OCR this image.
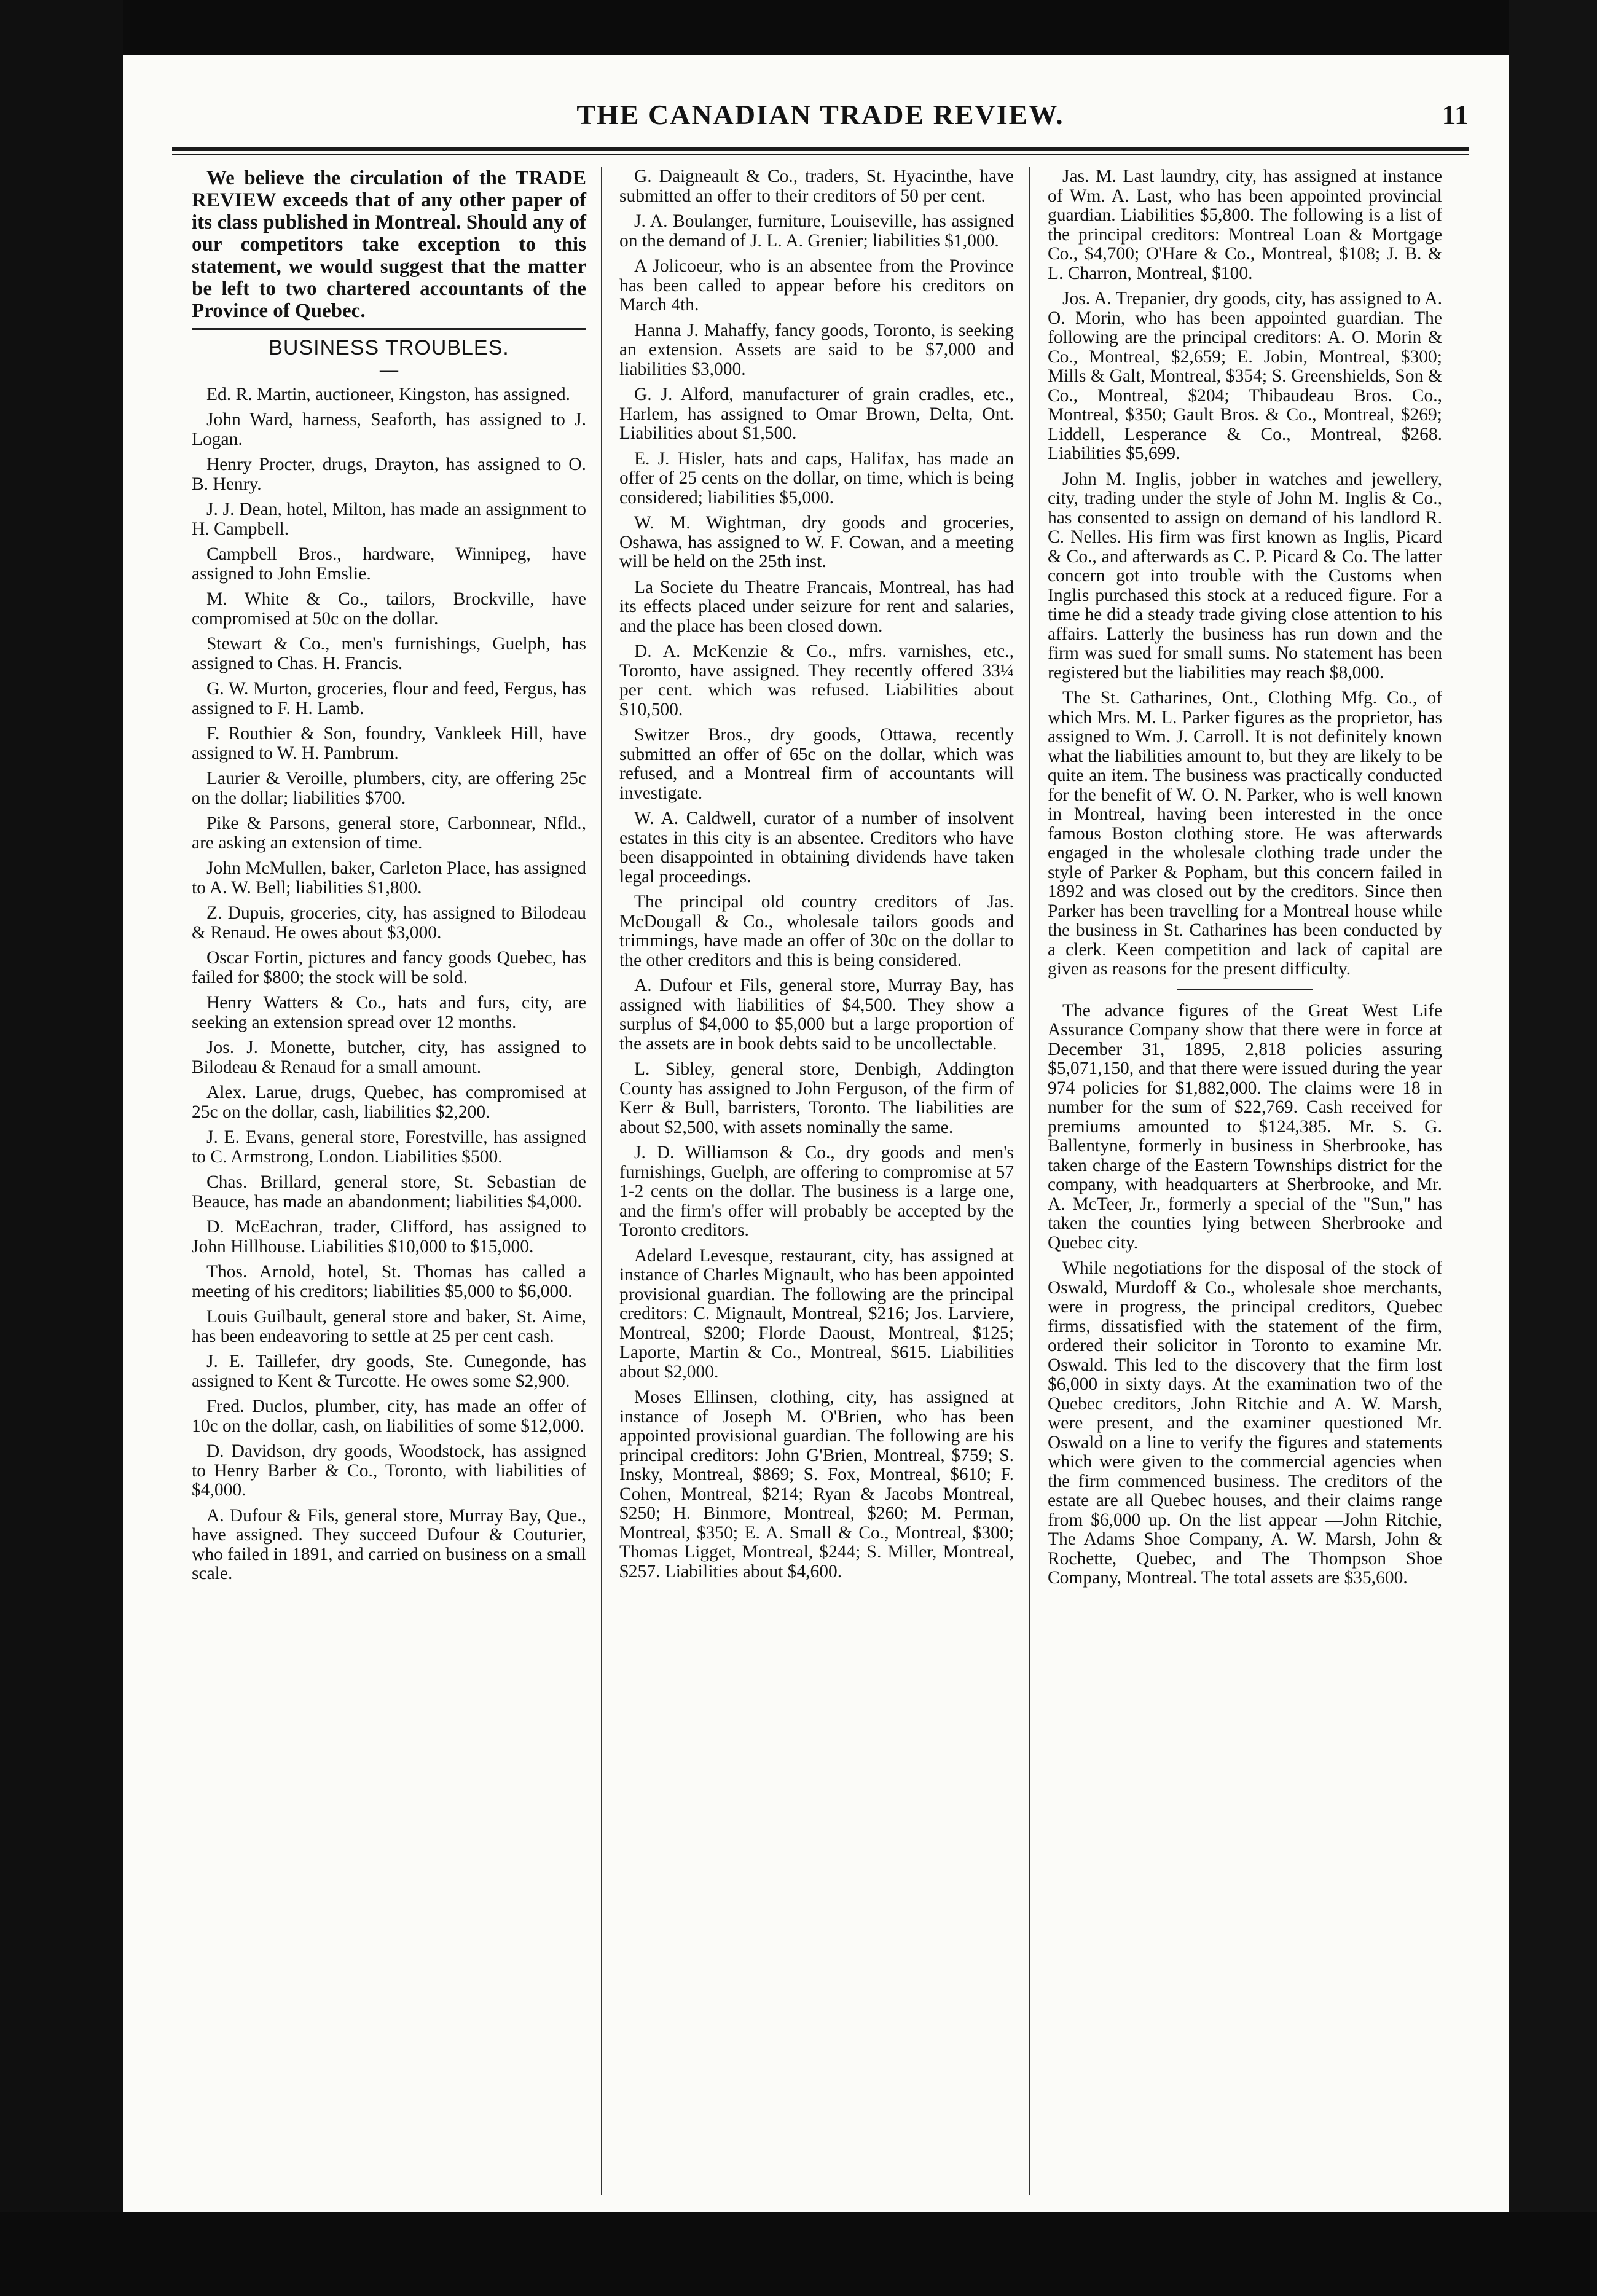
THE CANADIAN TRADE REVIEW.	11

We believe the circulation of the TRADE REVIEW exceeds that of any other paper of its class published in Montreal. Should any of our competitors take exception to this statement, we would suggest that the matter be left to two chartered accountants of the Province of Quebec.

BUSINESS TROUBLES.
—

Ed. R. Martin, auctioneer, Kingston, has assigned.

John Ward, harness, Seaforth, has assigned to J. Logan.

Henry Procter, drugs, Drayton, has assigned to O. B. Henry.

J. J. Dean, hotel, Milton, has made an assignment to H. Campbell.

Campbell Bros., hardware, Winnipeg, have assigned to John Emslie.

M. White & Co., tailors, Brockville, have compromised at 50c on the dollar.

Stewart & Co., men's furnishings, Guelph, has assigned to Chas. H. Francis.

G. W. Murton, groceries, flour and feed, Fergus, has assigned to F. H. Lamb.

F. Routhier & Son, foundry, Vankleek Hill, have assigned to W. H. Pambrum.

Laurier & Veroille, plumbers, city, are offering 25c on the dollar; liabilities $700.

Pike & Parsons, general store, Carbonnear, Nfld., are asking an extension of time.

John McMullen, baker, Carleton Place, has assigned to A. W. Bell; liabilities $1,800.

Z. Dupuis, groceries, city, has assigned to Bilodeau & Renaud. He owes about $3,000.

Oscar Fortin, pictures and fancy goods Quebec, has failed for $800; the stock will be sold.

Henry Watters & Co., hats and furs, city, are seeking an extension spread over 12 months.

Jos. J. Monette, butcher, city, has assigned to Bilodeau & Renaud for a small amount.

Alex. Larue, drugs, Quebec, has compromised at 25c on the dollar, cash, liabilities $2,200.

J. E. Evans, general store, Forestville, has assigned to C. Armstrong, London. Liabilities $500.

Chas. Brillard, general store, St. Sebastian de Beauce, has made an abandonment; liabilities $4,000.

D. McEachran, trader, Clifford, has assigned to John Hillhouse. Liabilities $10,000 to $15,000.

Thos. Arnold, hotel, St. Thomas has called a meeting of his creditors; liabilities $5,000 to $6,000.

Louis Guilbault, general store and baker, St. Aime, has been endeavoring to settle at 25 per cent cash.

J. E. Taillefer, dry goods, Ste. Cunegonde, has assigned to Kent & Turcotte. He owes some $2,900.

Fred. Duclos, plumber, city, has made an offer of 10c on the dollar, cash, on liabilities of some $12,000.

D. Davidson, dry goods, Woodstock, has assigned to Henry Barber & Co., Toronto, with liabilities of $4,000.

A. Dufour & Fils, general store, Murray Bay, Que., have assigned. They succeed Dufour & Couturier, who failed in 1891, and carried on business on a small scale.

G. Daigneault & Co., traders, St. Hyacinthe, have submitted an offer to their creditors of 50 per cent.

J. A. Boulanger, furniture, Louiseville, has assigned on the demand of J. L. A. Grenier; liabilities $1,000.

A Jolicoeur, who is an absentee from the Province has been called to appear before his creditors on March 4th.

Hanna J. Mahaffy, fancy goods, Toronto, is seeking an extension. Assets are said to be $7,000 and liabilities $3,000.

G. J. Alford, manufacturer of grain cradles, etc., Harlem, has assigned to Omar Brown, Delta, Ont. Liabilities about $1,500.

E. J. Hisler, hats and caps, Halifax, has made an offer of 25 cents on the dollar, on time, which is being considered; liabilities $5,000.

W. M. Wightman, dry goods and groceries, Oshawa, has assigned to W. F. Cowan, and a meeting will be held on the 25th inst.

La Societe du Theatre Francais, Montreal, has had its effects placed under seizure for rent and salaries, and the place has been closed down.

D. A. McKenzie & Co., mfrs. varnishes, etc., Toronto, have assigned. They recently offered 33¼ per cent. which was refused. Liabilities about $10,500.

Switzer Bros., dry goods, Ottawa, recently submitted an offer of 65c on the dollar, which was refused, and a Montreal firm of accountants will investigate.

W. A. Caldwell, curator of a number of insolvent estates in this city is an absentee. Creditors who have been disappointed in obtaining dividends have taken legal proceedings.

The principal old country creditors of Jas. McDougall & Co., wholesale tailors goods and trimmings, have made an offer of 30c on the dollar to the other creditors and this is being considered.

A. Dufour et Fils, general store, Murray Bay, has assigned with liabilities of $4,500. They show a surplus of $4,000 to $5,000 but a large proportion of the assets are in book debts said to be uncollectable.

L. Sibley, general store, Denbigh, Addington County has assigned to John Ferguson, of the firm of Kerr & Bull, barristers, Toronto. The liabilities are about $2,500, with assets nominally the same.

J. D. Williamson & Co., dry goods and men's furnishings, Guelph, are offering to compromise at 57 1-2 cents on the dollar. The business is a large one, and the firm's offer will probably be accepted by the Toronto creditors.

Adelard Levesque, restaurant, city, has assigned at instance of Charles Mignault, who has been appointed provisional guardian. The following are the principal creditors: C. Mignault, Montreal, $216; Jos. Larviere, Montreal, $200; Florde Daoust, Montreal, $125; Laporte, Martin & Co., Montreal, $615. Liabilities about $2,000.

Moses Ellinsen, clothing, city, has assigned at instance of Joseph M. O'Brien, who has been appointed provisional guardian. The following are his principal creditors: John G'Brien, Montreal, $759; S. Insky, Montreal, $869; S. Fox, Montreal, $610; F. Cohen, Montreal, $214; Ryan & Jacobs Montreal, $250; H. Binmore, Montreal, $260; M. Perman, Montreal, $350; E. A. Small & Co., Montreal, $300; Thomas Ligget, Montreal, $244; S. Miller, Montreal, $257. Liabilities about $4,600.

Jas. M. Last laundry, city, has assigned at instance of Wm. A. Last, who has been appointed provincial guardian. Liabilities $5,800. The following is a list of the principal creditors: Montreal Loan & Mortgage Co., $4,700; O'Hare & Co., Montreal, $108; J. B. & L. Charron, Montreal, $100.

Jos. A. Trepanier, dry goods, city, has assigned to A. O. Morin, who has been appointed guardian. The following are the principal creditors: A. O. Morin & Co., Montreal, $2,659; E. Jobin, Montreal, $300; Mills & Galt, Montreal, $354; S. Greenshields, Son & Co., Montreal, $204; Thibaudeau Bros. Co., Montreal, $350; Gault Bros. & Co., Montreal, $269; Liddell, Lesperance & Co., Montreal, $268. Liabilities $5,699.

John M. Inglis, jobber in watches and jewellery, city, trading under the style of John M. Inglis & Co., has consented to assign on demand of his landlord R. C. Nelles. His firm was first known as Inglis, Picard & Co., and afterwards as C. P. Picard & Co. The latter concern got into trouble with the Customs when Inglis purchased this stock at a reduced figure. For a time he did a steady trade giving close attention to his affairs. Latterly the business has run down and the firm was sued for small sums. No statement has been registered but the liabilities may reach $8,000.

The St. Catharines, Ont., Clothing Mfg. Co., of which Mrs. M. L. Parker figures as the proprietor, has assigned to Wm. J. Carroll. It is not definitely known what the liabilities amount to, but they are likely to be quite an item. The business was practically conducted for the benefit of W. O. N. Parker, who is well known in Montreal, having been interested in the once famous Boston clothing store. He was afterwards engaged in the wholesale clothing trade under the style of Parker & Popham, but this concern failed in 1892 and was closed out by the creditors. Since then Parker has been travelling for a Montreal house while the business in St. Catharines has been conducted by a clerk. Keen competition and lack of capital are given as reasons for the present difficulty.

The advance figures of the Great West Life Assurance Company show that there were in force at December 31, 1895, 2,818 policies assuring $5,071,150, and that there were issued during the year 974 policies for $1,882,000. The claims were 18 in number for the sum of $22,769. Cash received for premiums amounted to $124,385. Mr. S. G. Ballentyne, formerly in business in Sherbrooke, has taken charge of the Eastern Townships district for the company, with headquarters at Sherbrooke, and Mr. A. McTeer, Jr., formerly a special of the "Sun," has taken the counties lying between Sherbrooke and Quebec city.

While negotiations for the disposal of the stock of Oswald, Murdoff & Co., wholesale shoe merchants, were in progress, the principal creditors, Quebec firms, dissatisfied with the statement of the firm, ordered their solicitor in Toronto to examine Mr. Oswald. This led to the discovery that the firm lost $6,000 in sixty days. At the examination two of the Quebec creditors, John Ritchie and A. W. Marsh, were present, and the examiner questioned Mr. Oswald on a line to verify the figures and statements which were given to the commercial agencies when the firm commenced business. The creditors of the estate are all Quebec houses, and their claims range from $6,000 up. On the list appear —John Ritchie, The Adams Shoe Company, A. W. Marsh, John & Rochette, Quebec, and The Thompson Shoe Company, Montreal. The total assets are $35,600.
